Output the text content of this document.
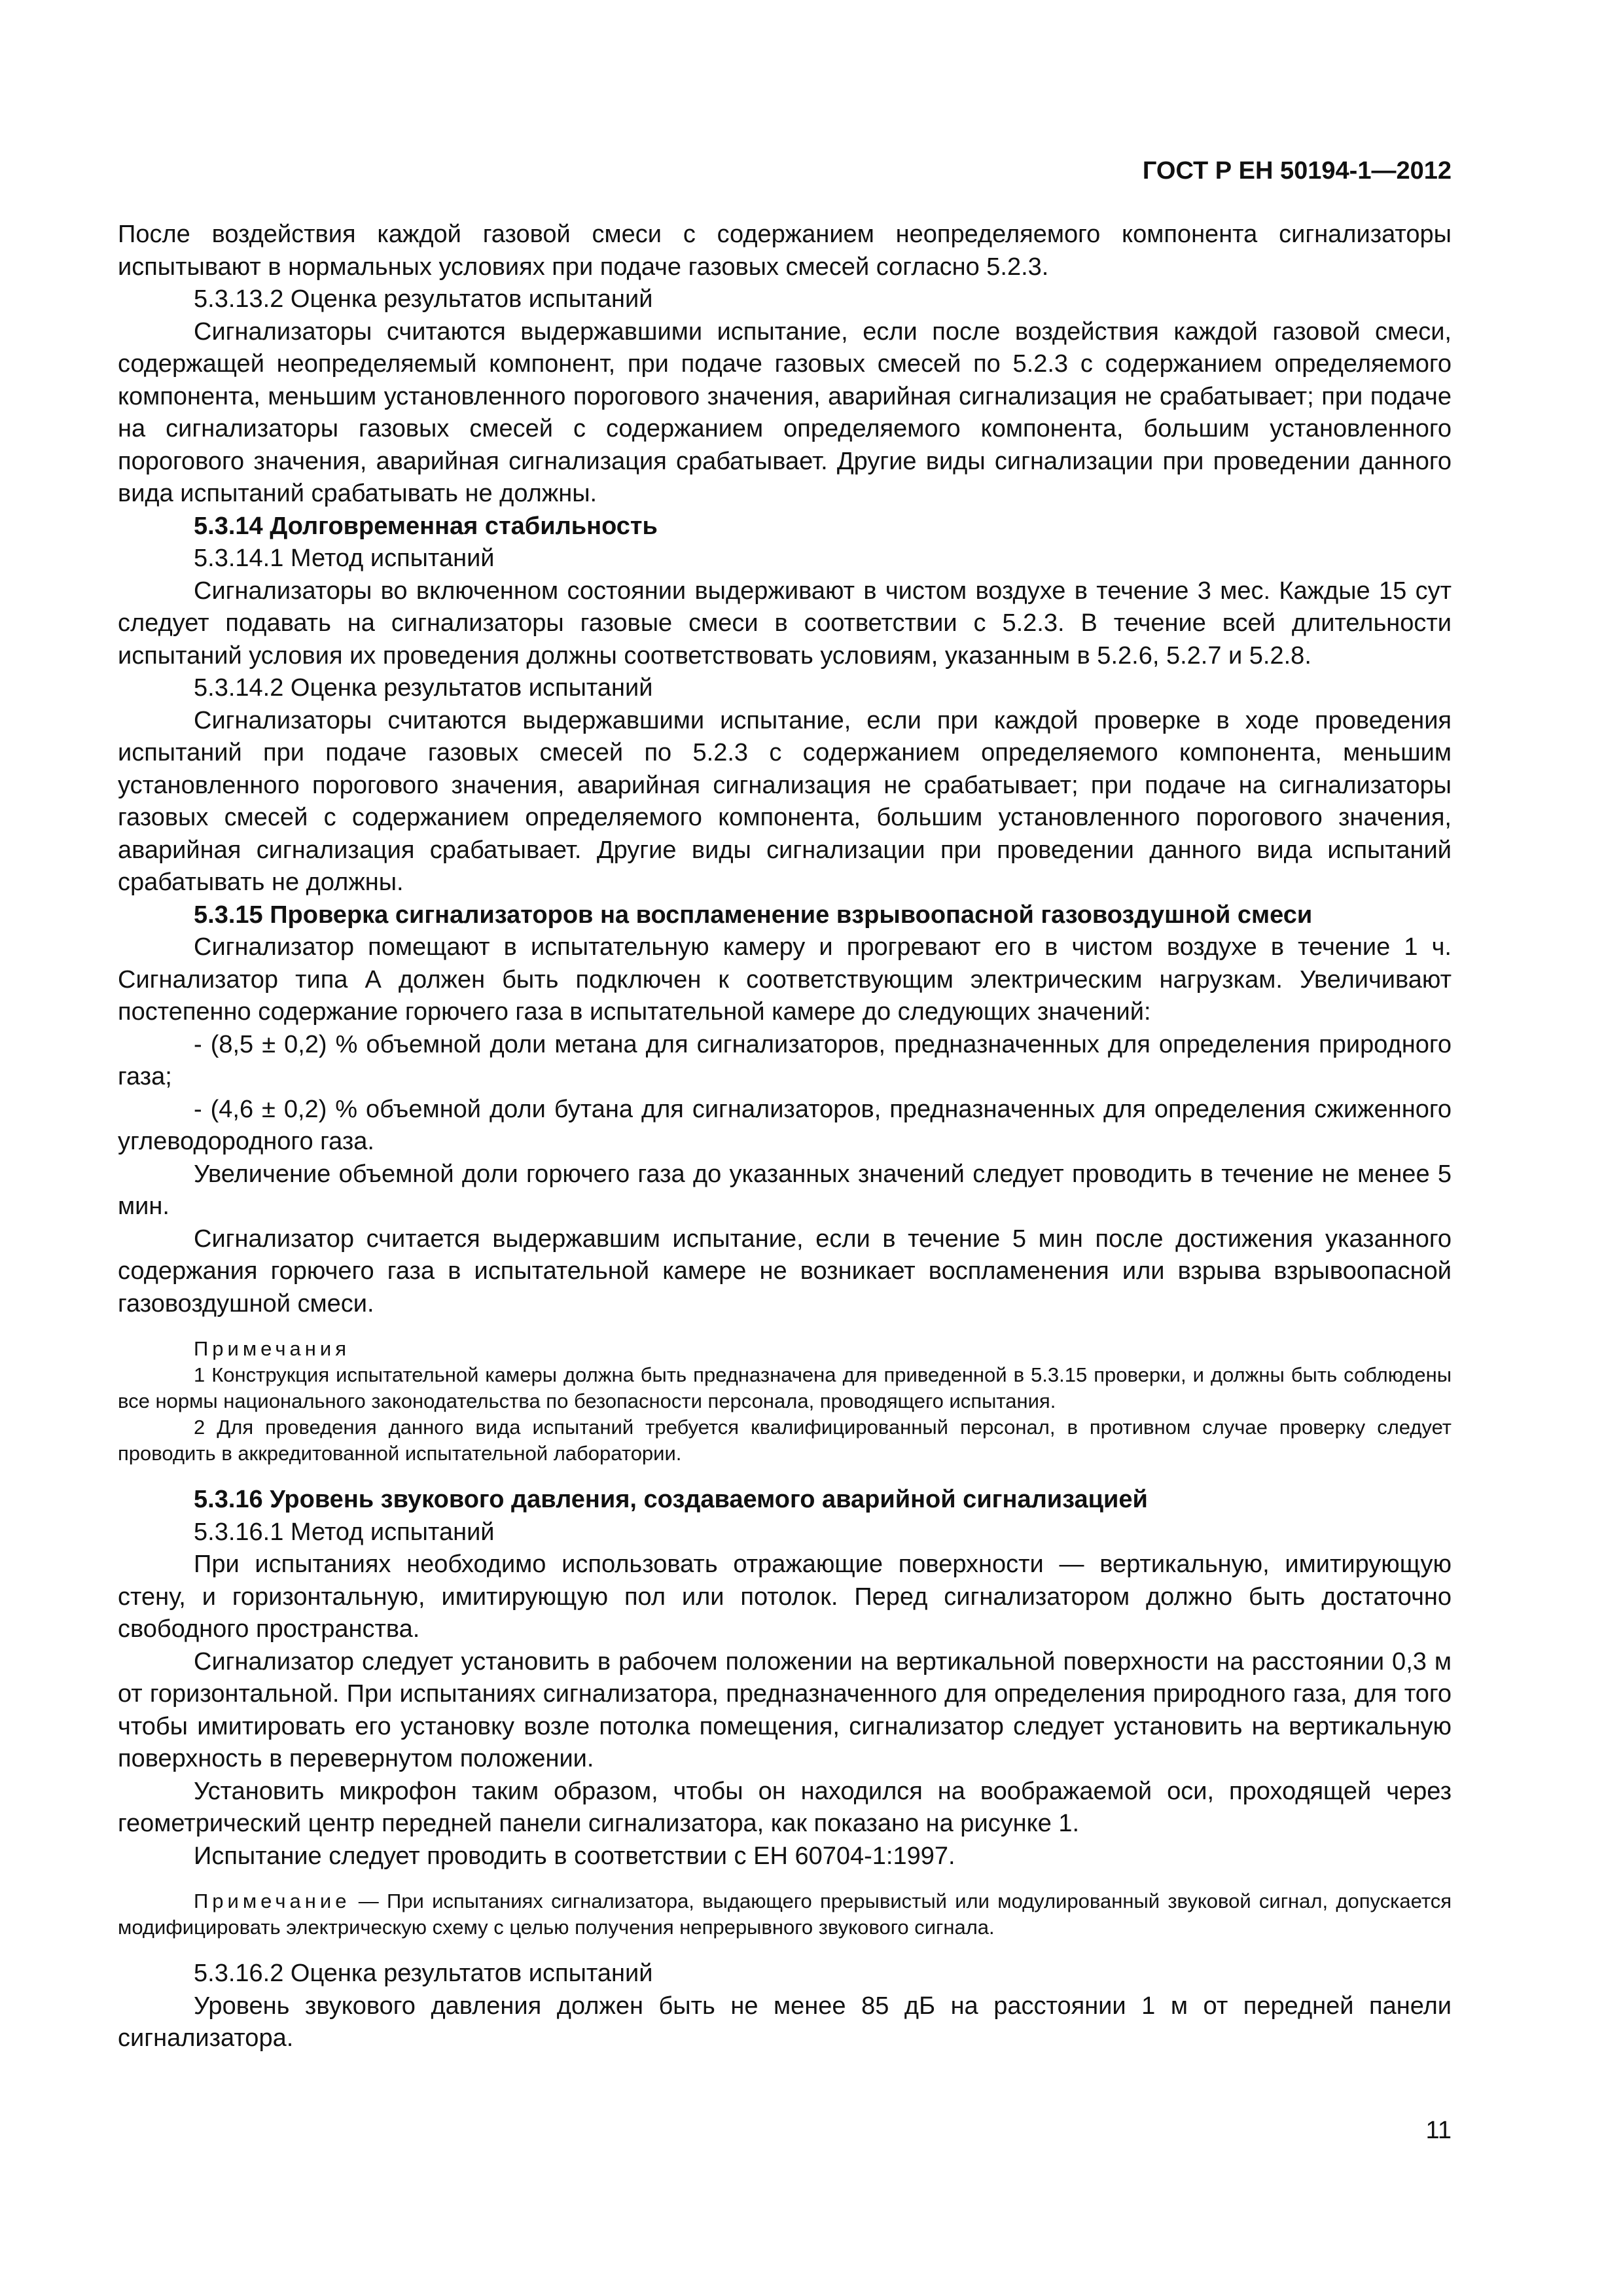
ГОСТ Р ЕН 50194-1—2012

После воздействия каждой газовой смеси с содержанием неопределяемого компонента сигнализаторы испытывают в нормальных условиях при подаче газовых смесей согласно 5.2.3.

5.3.13.2 Оценка результатов испытаний

Сигнализаторы считаются выдержавшими испытание, если после воздействия каждой газовой смеси, содержащей неопределяемый компонент, при подаче газовых смесей по 5.2.3 с содержанием определяемого компонента, меньшим установленного порогового значения, аварийная сигнализация не срабатывает; при подаче на сигнализаторы газовых смесей с содержанием определяемого компонента, большим установленного порогового значения, аварийная сигнализация срабатывает. Другие виды сигнализации при проведении данного вида испытаний срабатывать не должны.

5.3.14 Долговременная стабильность

5.3.14.1 Метод испытаний

Сигнализаторы во включенном состоянии выдерживают в чистом воздухе в течение 3 мес. Каждые 15 сут следует подавать на сигнализаторы газовые смеси в соответствии с 5.2.3. В течение всей длительности испытаний условия их проведения должны соответствовать условиям, указанным в 5.2.6, 5.2.7 и 5.2.8.

5.3.14.2 Оценка результатов испытаний

Сигнализаторы считаются выдержавшими испытание, если при каждой проверке в ходе проведения испытаний при подаче газовых смесей по 5.2.3 с содержанием определяемого компонента, меньшим установленного порогового значения, аварийная сигнализация не срабатывает; при подаче на сигнализаторы газовых смесей с содержанием определяемого компонента, большим установленного порогового значения, аварийная сигнализация срабатывает. Другие виды сигнализации при проведении данного вида испытаний срабатывать не должны.

5.3.15 Проверка сигнализаторов на воспламенение взрывоопасной газовоздушной смеси

Сигнализатор помещают в испытательную камеру и прогревают его в чистом воздухе в течение 1 ч. Сигнализатор типа А должен быть подключен к соответствующим электрическим нагрузкам. Увеличивают постепенно содержание горючего газа в испытательной камере до следующих значений:

- (8,5 ± 0,2) % объемной доли метана для сигнализаторов, предназначенных для определения природного газа;

- (4,6 ± 0,2) % объемной доли бутана для сигнализаторов, предназначенных для определения сжиженного углеводородного газа.

Увеличение объемной доли горючего газа до указанных значений следует проводить в течение не менее 5 мин.

Сигнализатор считается выдержавшим испытание, если в течение 5 мин после достижения указанного содержания горючего газа в испытательной камере не возникает воспламенения или взрыва взрывоопасной газовоздушной смеси.

Примечания

1 Конструкция испытательной камеры должна быть предназначена для приведенной в 5.3.15 проверки, и должны быть соблюдены все нормы национального законодательства по безопасности персонала, проводящего испытания.

2 Для проведения данного вида испытаний требуется квалифицированный персонал, в противном случае проверку следует проводить в аккредитованной испытательной лаборатории.

5.3.16 Уровень звукового давления, создаваемого аварийной сигнализацией

5.3.16.1 Метод испытаний

При испытаниях необходимо использовать отражающие поверхности — вертикальную, имитирующую стену, и горизонтальную, имитирующую пол или потолок. Перед сигнализатором должно быть достаточно свободного пространства.

Сигнализатор следует установить в рабочем положении на вертикальной поверхности на расстоянии 0,3 м от горизонтальной. При испытаниях сигнализатора, предназначенного для определения природного газа, для того чтобы имитировать его установку возле потолка помещения, сигнализатор следует установить на вертикальную поверхность в перевернутом положении.

Установить микрофон таким образом, чтобы он находился на воображаемой оси, проходящей через геометрический центр передней панели сигнализатора, как показано на рисунке 1.

Испытание следует проводить в соответствии с ЕН 60704-1:1997.

Примечание — При испытаниях сигнализатора, выдающего прерывистый или модулированный звуковой сигнал, допускается модифицировать электрическую схему с целью получения непрерывного звукового сигнала.

5.3.16.2 Оценка результатов испытаний

Уровень звукового давления должен быть не менее 85 дБ на расстоянии 1 м от передней панели сигнализатора.

11
